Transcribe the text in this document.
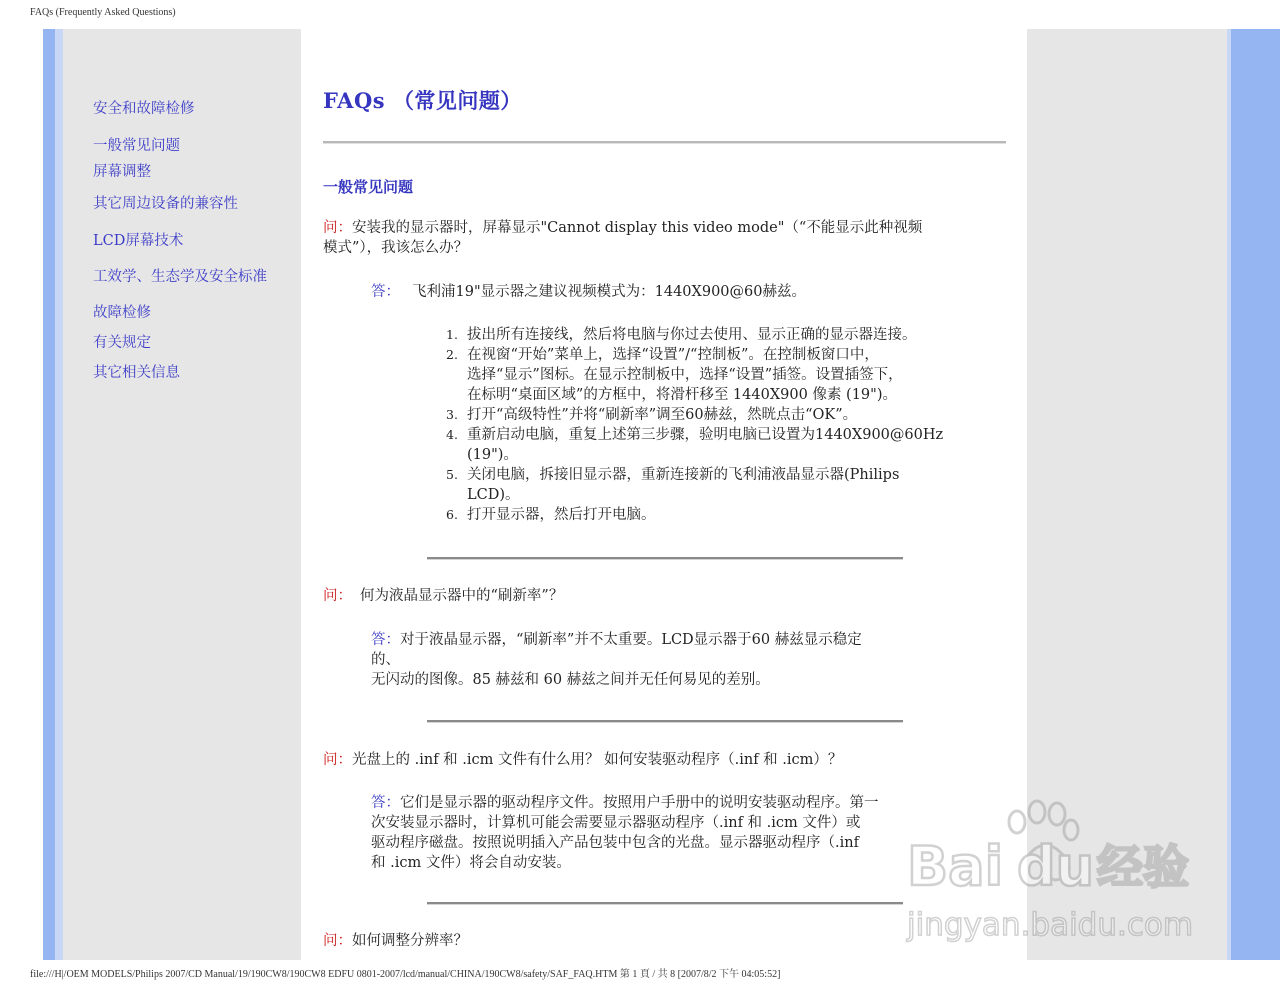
FAQs (Frequently Asked Questions)
安全和故障检修
一般常见问题
屏幕调整
其它周边设备的兼容性
LCD屏幕技术
工效学、生态学及安全标准
故障检修
有关规定
其它相关信息
FAQs （常见问题）
一般常见问题
问：安装我的显示器时，屏幕显示"Cannot display this video mode"（“不能显示此种视频
模式”），我该怎么办？
答： 飞利浦19"显示器之建议视频模式为：1440X900@60赫兹。
1. 拔出所有连接线，然后将电脑与你过去使用、显示正确的显示器连接。
2. 在视窗“开始”菜单上，选择“设置”/“控制板”。在控制板窗口中，
选择“显示”图标。在显示控制板中，选择“设置”插签。设置插签下，
在标明“桌面区域”的方框中，将滑杆移至 1440X900 像素 (19")。
3. 打开“高级特性”并将“刷新率”调至60赫兹，然晄点击“OK”。
4. 重新启动电脑，重复上述第三步骤，验明电脑已设置为1440X900@60Hz
(19")。
5. 关闭电脑，拆接旧显示器，重新连接新的飞利浦液晶显示器(Philips
LCD)。
6. 打开显示器，然后打开电脑。
问： 何为液晶显示器中的“刷新率”？
答：对于液晶显示器，“刷新率”并不太重要。LCD显示器于60 赫兹显示稳定
的、
无闪动的图像。85 赫兹和 60 赫兹之间并无任何易见的差别。
问：光盘上的 .inf 和 .icm 文件有什么用？ 如何安装驱动程序（.inf 和 .icm）？
答：它们是显示器的驱动程序文件。按照用户手册中的说明安装驱动程序。第一
次安装显示器时，计算机可能会需要显示器驱动程序（.inf 和 .icm 文件）或
驱动程序磁盘。按照说明插入产品包装中包含的光盘。显示器驱动程序（.inf
和 .icm 文件）将会自动安装。
问：如何调整分辨率？
Bai du 经验
jingyan.baidu.com
file:///H|/OEM MODELS/Philips 2007/CD Manual/19/190CW8/190CW8 EDFU 0801-2007/lcd/manual/CHINA/190CW8/safety/SAF_FAQ.HTM 第 1 頁 / 共 8 [2007/8/2 下午 04:05:52]
